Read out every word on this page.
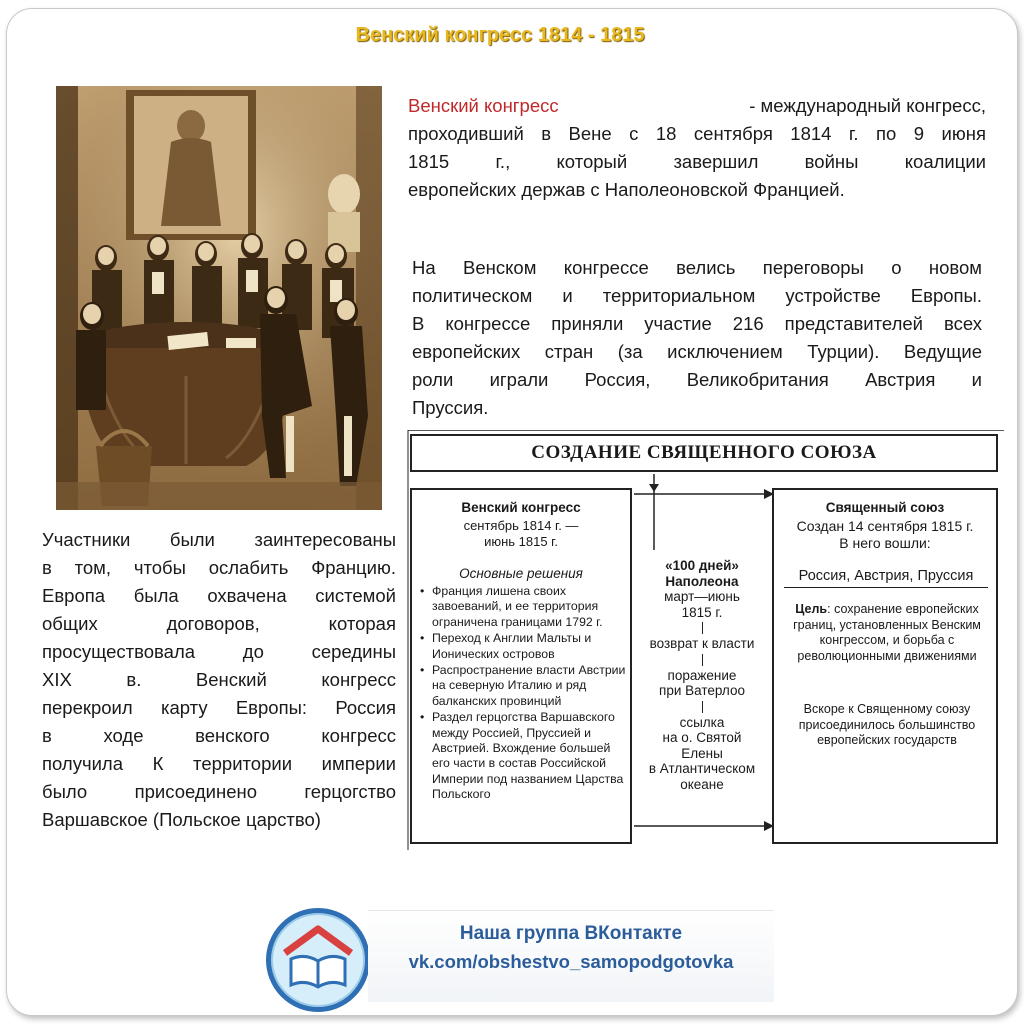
Венский конгресс 1814 - 1815
Венский конгресс	- международный конгресс,
проходивший в Вене с 18 сентября 1814 г. по 9 июня
1815 г., который завершил войны коалиции
европейских держав с Наполеоновской Францией.
На Венском конгрессе велись переговоры о новом
политическом и территориальном устройстве Европы.
В конгрессе приняли участие 216 представителей всех
европейских стран (за исключением Турции). Ведущие
роли играли Россия, Великобритания Австрия и
Пруссия.
Участники были заинтересованы
в том, чтобы ослабить Францию.
Европа была охвачена системой
общих договоров, которая
просуществовала до середины
XIX в. Венский конгресс
перекроил карту Европы: Россия
в ходе венского конгресс
получила К территории империи
было присоединено герцогство
Варшавское (Польское царство)
СОЗДАНИЕ СВЯЩЕННОГО СОЮЗА
Венский конгресс
сентябрь 1814 г. —
июнь 1815 г.
Основные решения
• Франция лишена своих завоеваний, и ее территория ограничена границами 1792 г.
• Переход к Англии Мальты и Ионических островов
• Распространение власти Австрии на северную Италию и ряд балканских провинций
• Раздел герцогства Варшавского между Россией, Пруссией и Австрией. Вхождение большей его части в состав Российской Империи под названием Царства Польского
«100 дней»
Наполеона
март—июнь
1815 г.
возврат к власти
поражение
при Ватерлоо
ссылка
на о. Святой
Елены
в Атлантическом
океане
Священный союз
Создан 14 сентября 1815 г.
В него вошли:
Россия, Австрия, Пруссия
Цель: сохранение европейских границ, установленных Венским конгрессом, и борьба с революционными движениями
Вскоре к Священному союзу присоединилось большинство европейских государств
Наша группа ВКонтакте
vk.com/obshestvo_samopodgotovka
